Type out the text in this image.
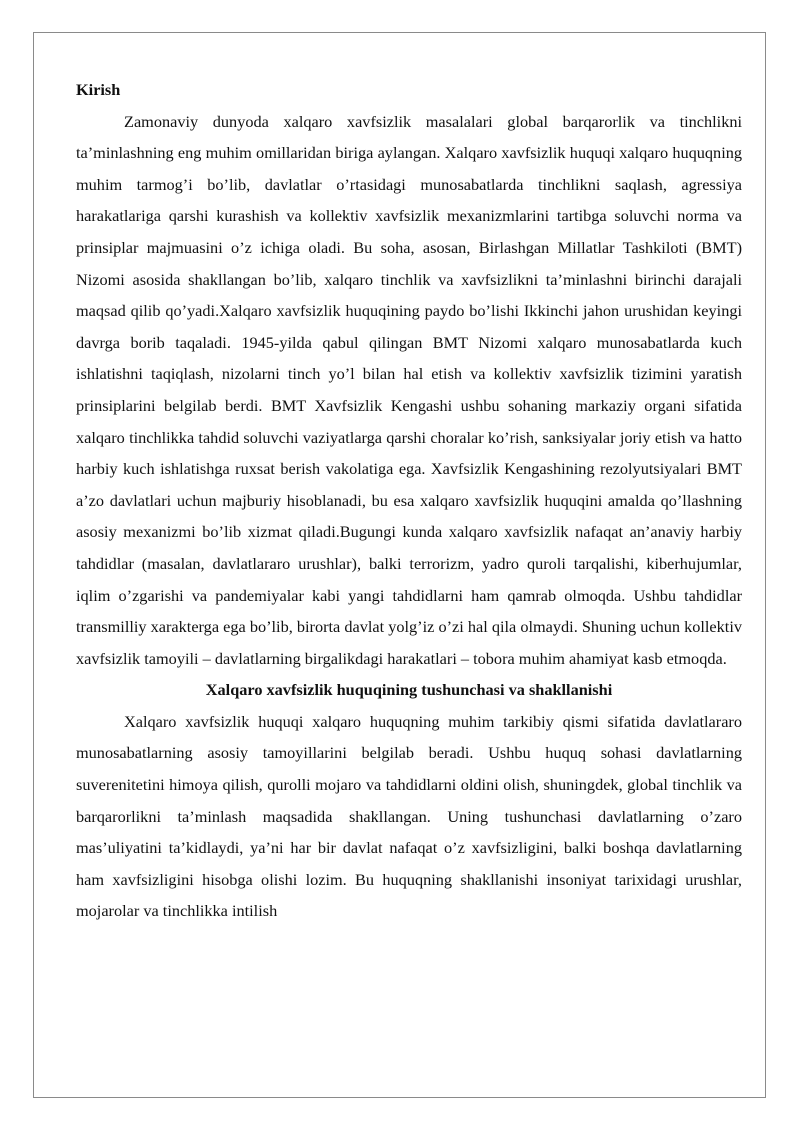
Kirish

Zamonaviy dunyoda xalqaro xavfsizlik masalalari global barqarorlik va tinchlikni ta’minlashning eng muhim omillaridan biriga aylangan. Xalqaro xavfsizlik huquqi xalqaro huquqning muhim tarmog’i bo’lib, davlatlar o’rtasidagi munosabatlarda tinchlikni saqlash, agressiya harakatlariga qarshi kurashish va kollektiv xavfsizlik mexanizmlarini tartibga soluvchi norma va prinsiplar majmuasini o’z ichiga oladi. Bu soha, asosan, Birlashgan Millatlar Tashkiloti (BMT) Nizomi asosida shakllangan bo’lib, xalqaro tinchlik va xavfsizlikni ta’minlashni birinchi darajali maqsad qilib qo’yadi.Xalqaro xavfsizlik huquqining paydo bo’lishi Ikkinchi jahon urushidan keyingi davrga borib taqaladi. 1945-yilda qabul qilingan BMT Nizomi xalqaro munosabatlarda kuch ishlatishni taqiqlash, nizolarni tinch yo’l bilan hal etish va kollektiv xavfsizlik tizimini yaratish prinsiplarini belgilab berdi. BMT Xavfsizlik Kengashi ushbu sohaning markaziy organi sifatida xalqaro tinchlikka tahdid soluvchi vaziyatlarga qarshi choralar ko’rish, sanksiyalar joriy etish va hatto harbiy kuch ishlatishga ruxsat berish vakolatiga ega. Xavfsizlik Kengashining rezolyutsiyalari BMT a’zo davlatlari uchun majburiy hisoblanadi, bu esa xalqaro xavfsizlik huquqini amalda qo’llashning asosiy mexanizmi bo’lib xizmat qiladi.Bugungi kunda xalqaro xavfsizlik nafaqat an’anaviy harbiy tahdidlar (masalan, davlatlararo urushlar), balki terrorizm, yadro quroli tarqalishi, kiberhujumlar, iqlim o’zgarishi va pandemiyalar kabi yangi tahdidlarni ham qamrab olmoqda. Ushbu tahdidlar transmilliy xarakterga ega bo’lib, birorta davlat yolg’iz o’zi hal qila olmaydi. Shuning uchun kollektiv xavfsizlik tamoyili – davlatlarning birgalikdagi harakatlari – tobora muhim ahamiyat kasb etmoqda.

Xalqaro xavfsizlik huquqining tushunchasi va shakllanishi

Xalqaro xavfsizlik huquqi xalqaro huquqning muhim tarkibiy qismi sifatida davlatlararo munosabatlarning asosiy tamoyillarini belgilab beradi. Ushbu huquq sohasi davlatlarning suverenitetini himoya qilish, qurolli mojaro va tahdidlarni oldini olish, shuningdek, global tinchlik va barqarorlikni ta’minlash maqsadida shakllangan. Uning tushunchasi davlatlarning o’zaro mas’uliyatini ta’kidlaydi, ya’ni har bir davlat nafaqat o’z xavfsizligini, balki boshqa davlatlarning ham xavfsizligini hisobga olishi lozim. Bu huquqning shakllanishi insoniyat tarixidagi urushlar, mojarolar va tinchlikka intilish
